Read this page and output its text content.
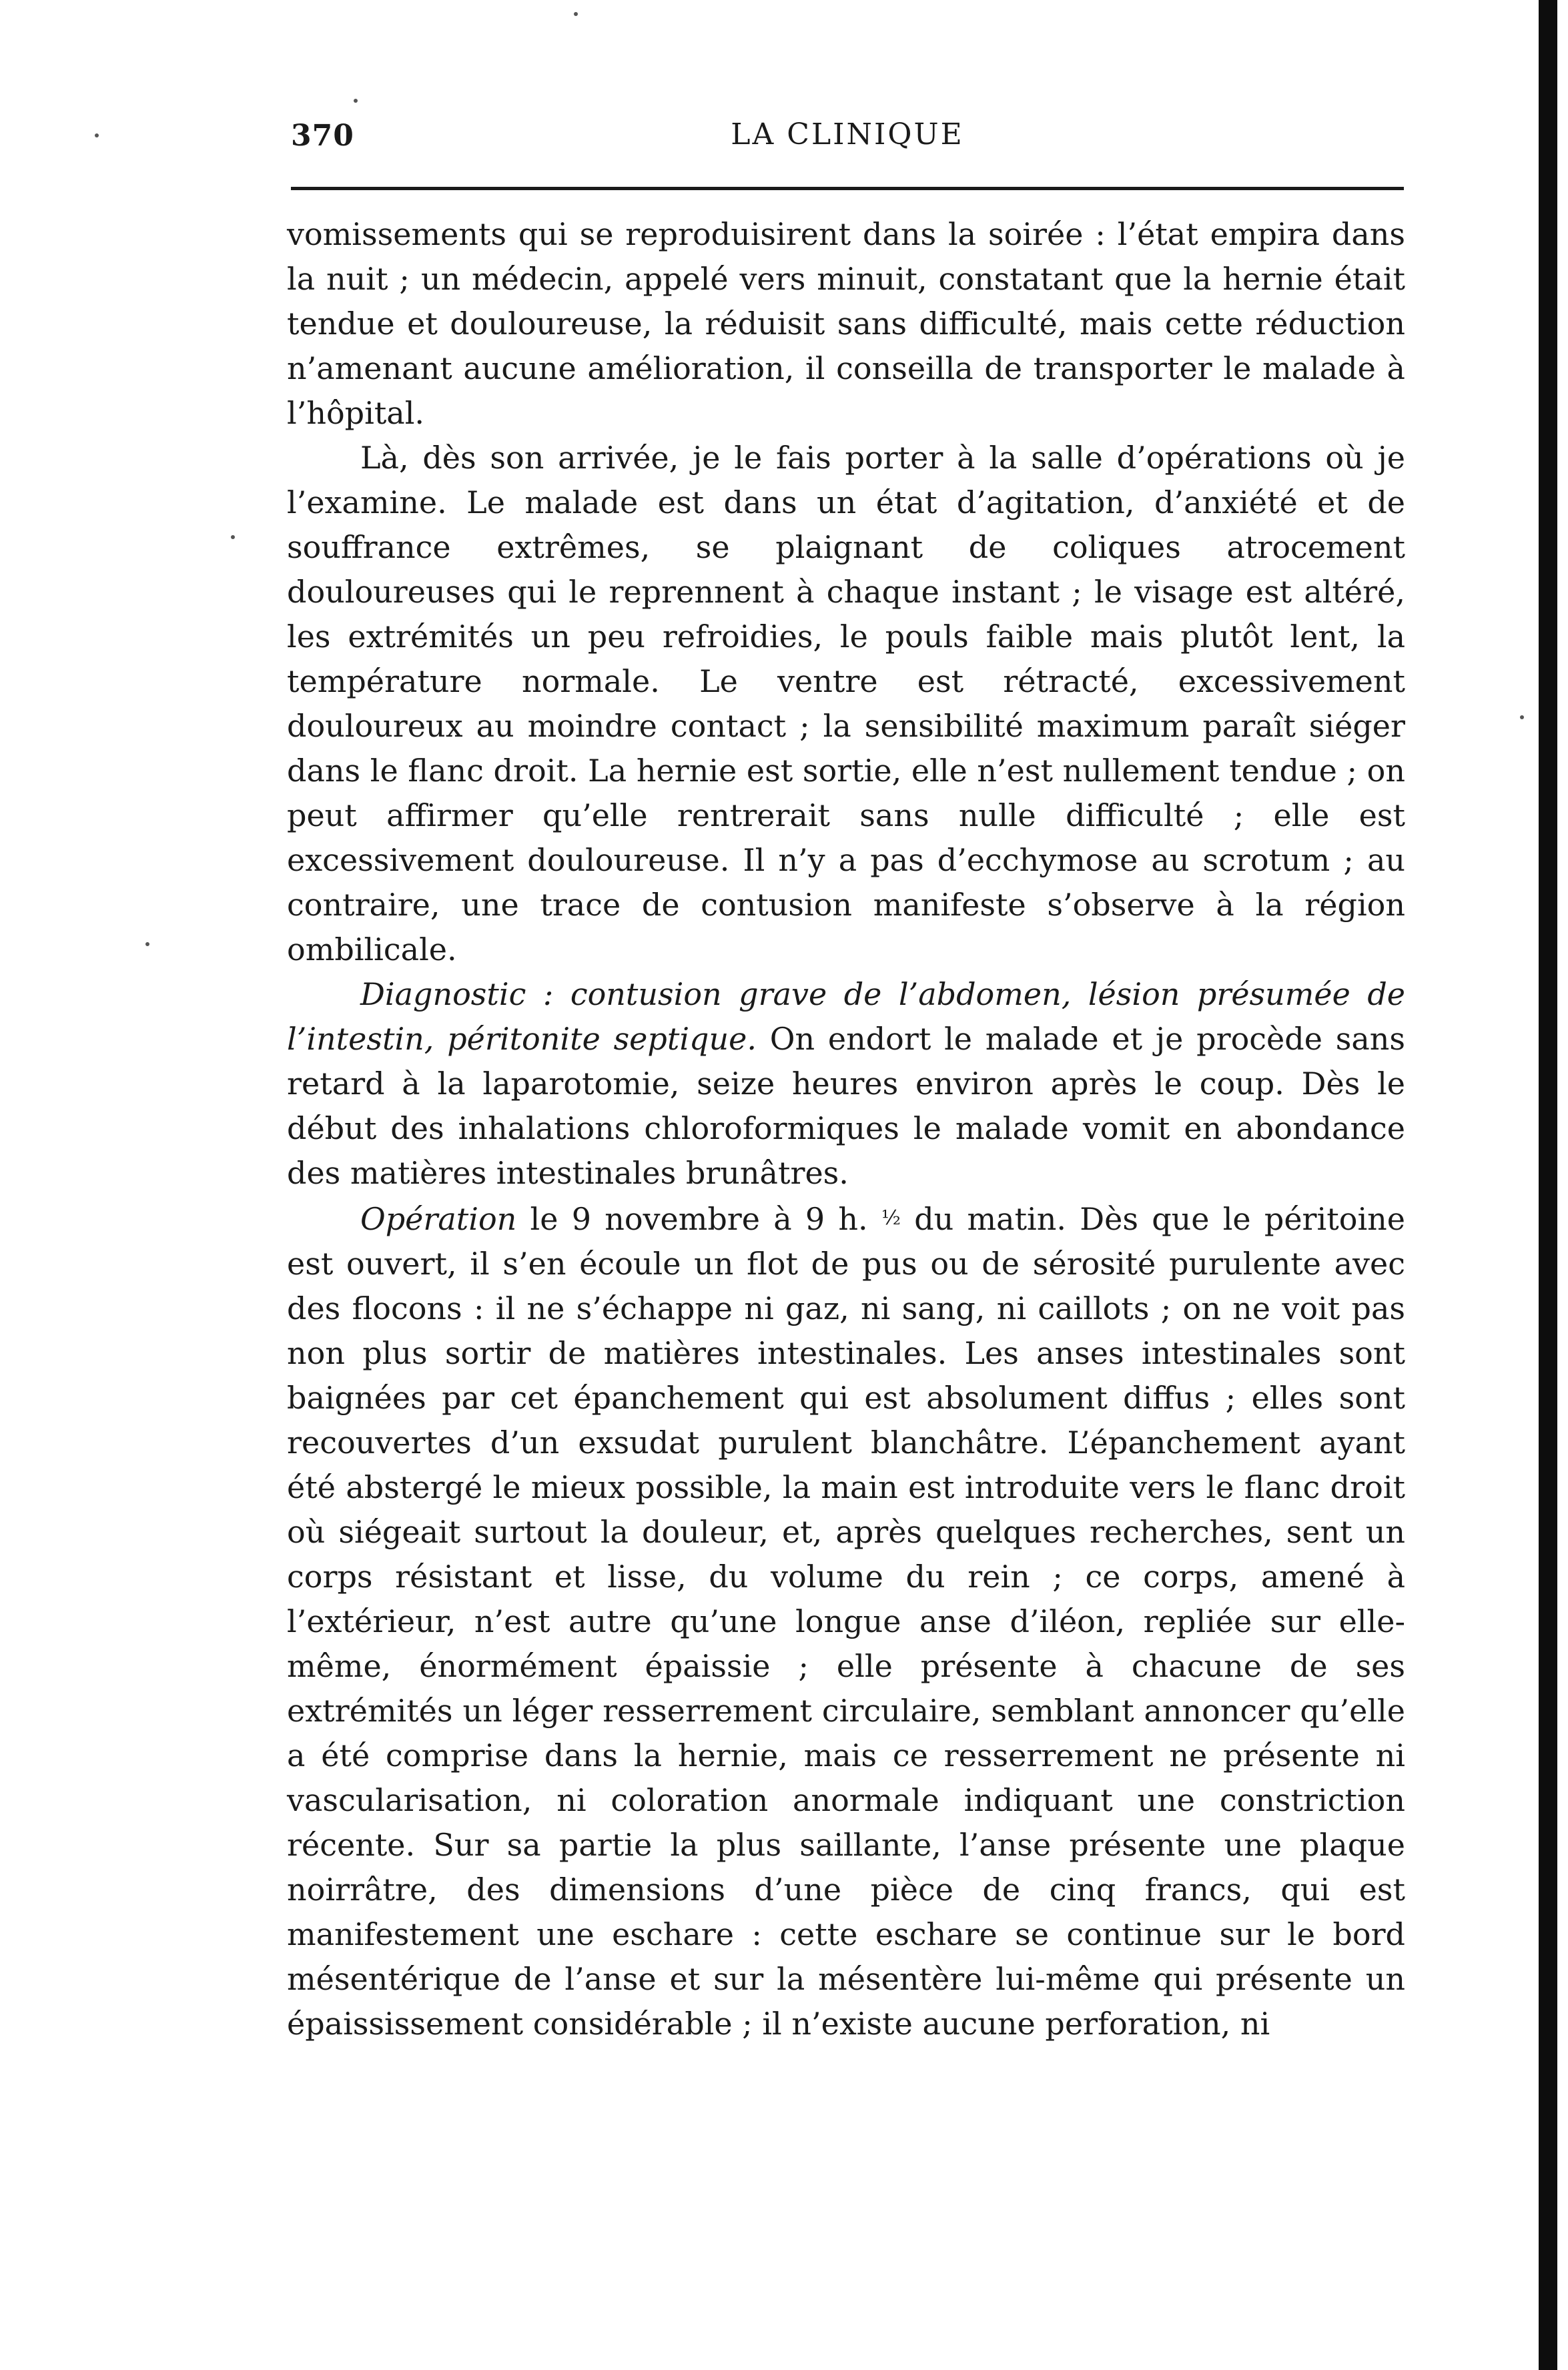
370	LA CLINIQUE

vomissements qui se reproduisirent dans la soirée : l’état empira dans la nuit ; un médecin, appelé vers minuit, constatant que la hernie était tendue et douloureuse, la réduisit sans difficulté, mais cette réduction n’amenant aucune amélioration, il conseilla de transporter le malade à l’hôpital.

Là, dès son arrivée, je le fais porter à la salle d’opérations où je l’examine. Le malade est dans un état d’agitation, d’anxiété et de souffrance extrêmes, se plaignant de coliques atrocement douloureuses qui le reprennent à chaque instant ; le visage est altéré, les extrémités un peu refroidies, le pouls faible mais plutôt lent, la température normale. Le ventre est rétracté, excessivement douloureux au moindre contact ; la sensibilité maximum paraît siéger dans le flanc droit. La hernie est sortie, elle n’est nullement tendue ; on peut affirmer qu’elle rentrerait sans nulle difficulté ; elle est excessivement douloureuse. Il n’y a pas d’ecchymose au scrotum ; au contraire, une trace de contusion manifeste s’observe à la région ombilicale.

Diagnostic : contusion grave de l’abdomen, lésion présumée de l’intestin, péritonite septique. On endort le malade et je procède sans retard à la laparotomie, seize heures environ après le coup. Dès le début des inhalations chloroformiques le malade vomit en abondance des matières intestinales brunâtres.

Opération le 9 novembre à 9 h. ½ du matin. Dès que le péritoine est ouvert, il s’en écoule un flot de pus ou de sérosité purulente avec des flocons : il ne s’échappe ni gaz, ni sang, ni caillots ; on ne voit pas non plus sortir de matières intestinales. Les anses intestinales sont baignées par cet épanchement qui est absolument diffus ; elles sont recouvertes d’un exsudat purulent blanchâtre. L’épanchement ayant été abstergé le mieux possible, la main est introduite vers le flanc droit où siégeait surtout la douleur, et, après quelques recherches, sent un corps résistant et lisse, du volume du rein ; ce corps, amené à l’extérieur, n’est autre qu’une longue anse d’iléon, repliée sur elle-même, énormément épaissie ; elle présente à chacune de ses extrémités un léger resserrement circulaire, semblant annoncer qu’elle a été comprise dans la hernie, mais ce resserrement ne présente ni vascularisation, ni coloration anormale indiquant une constriction récente. Sur sa partie la plus saillante, l’anse présente une plaque noirrâtre, des dimensions d’une pièce de cinq francs, qui est manifestement une eschare : cette eschare se continue sur le bord mésentérique de l’anse et sur la mésentère lui-même qui présente un épaississement considérable ; il n’existe aucune perforation, ni
